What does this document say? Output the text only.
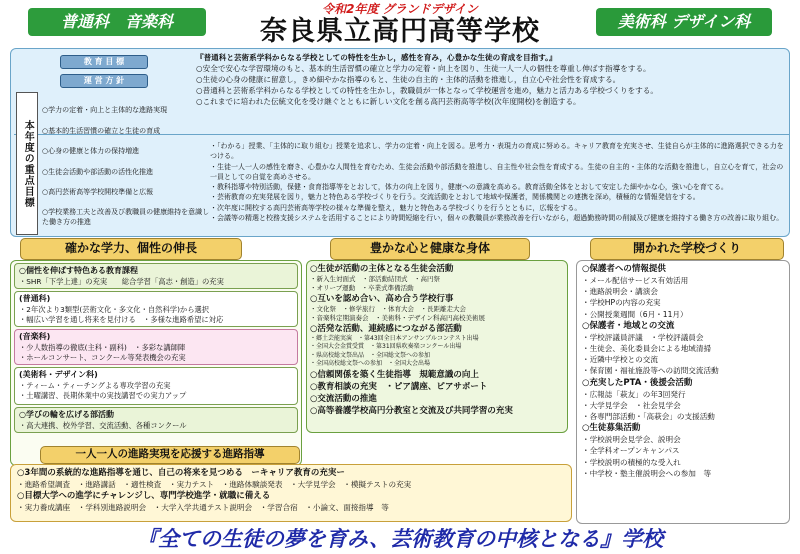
普通科　音楽科	美術科 デザイン科
令和2年度 グランドデザイン
奈良県立高円高等学校
教 育 目 標
運 営 方 針
『普通科と芸術系学科からなる学校としての特性を生かし，感性を育み，心豊かな生徒の育成を目指す。』
○安全で安心な学習環境のもと、基本的生活習慣の確立と学力の定着・向上を図り、生徒一人一人の個性を尊重し伸ばす指導をする。
○生徒の心身の健康に留意し，きめ細やかな指導のもと、生徒の自主的・主体的活動を推進し，自立心や社会性を育成する。
○普通科と芸術系学科からなる学校としての特性を生かし，教職員が一体となって学校運営を進め，魅力と活力ある学校づくりをする。
○これまでに培われた伝統文化を受け継ぐとともに新しい文化を創る高円芸術高等学校(次年度開校)を創造する。
本年度の重点目標
○学力の定着・向上と主体的な進路実現
○基本的生活習慣の確立と生徒の育成
○心身の健康と体力の保持増進
○生徒会活動や部活動の活性化推進
○高円芸術高等学校開校準備と広報
○学校業務工夫と改善及び教職員の健康維持を意識した働き方の推進
・「わかる」授業、「主体的に取り組む」授業を追求し、学力の定着・向上を図る。思考力・表現力の育成に努める。キャリア教育を充実させ、生徒自らが主体的に進路選択できる力をつける。
・生徒一人一人の感性を磨き、心豊かな人間性を育むため、生徒会活動や部活動を推進し、自主性や社会性を育成する。生徒の自主的・主体的な活動を推進し，自立心を育て，社会の一員としての自覚を高めさせる。
・教科指導や特別活動，保健・食育指導等をとおして，体力の向上を図り，健康への意識を高める。教育活動全体をとおして安定した細やかな心，強い心を育てる。
・芸術教育の充実発展を図り，魅力と特色ある学校づくりを行う。交流活動をとおして地域や保護者，関係機関との連携を深め，積極的な情報発信をする。
・次年度に開校する高円芸術高等学校の様々な準備を整え，魅力と特色ある学校づくりを行うとともに，広報をする。
・会議等の精選と校務支援システムを活用することにより時間短縮を行い，個々の教職員が業務改善を行いながら，超過勤務時間の削減及び健康を維持する働き方の改善に取り組む。
確かな学力、個性の伸長
○個性を伸ばす特色ある教育課程
・SHR「下学上達」の充実　　総合学習「高志・創造」の充実
(普通科)
・2年次より3類型(芸術文化・多文化・自然科学)から選択
・幅広い学習を通し将来を見付ける　・多様な進路希望に対応
(音楽科)
・少人数指導の徹底(主科・副科)　・多彩な講師陣
・ホールコンサート、コンクール等発表機会の充実
(美術科・デザイン科)
・ティーム・ティーチングよる専攻学習の充実
・土曜講習、長期休業中の実技講習での実力アップ
○学びの輪を広げる部活動
・高大連携、校外学習、交流活動、各種コンクール
豊かな心と健康な身体
○生徒が活動の主体となる生徒会活動
・新入生対面式　・部活動結団式　・高円祭
・オリーブ運動　・卒業式準備活動
○互いを認め合い、高め合う学校行事
・文化祭　・修学旅行　・体育大会　・長距離走大会
・音楽科定期演奏会　・美術科・デザイン科高円高校美術展
○活発な活動、連続感につながる部活動
・郷土芸能実演　・第43回全日本アンサンブルコンテスト出場
・全国大会金賞受賞　・第31回県吹奏楽コンクール出場
・県高校総文祭出品　・全国総文祭への参加
・全国高校総文祭への参加　・全国大会出場
○信頼関係を築く生徒指導　規範意識の向上
○教育相談の充実　・ピア講座、ピアサポート
○交流活動の推進
○高等養護学校高円分教室と交流及び共同学習の充実
開かれた学校づくり
○保護者への情報提供
・メール配信サービス有効活用
・進路説明会・講演会
・学校HPの内容の充実
・公開授業週間（6月・11月）
○保護者・地域との交流
・学校評議員評議　・学校評議員会
・生徒会、美化委員会による地域清掃
・近隣中学校との交流
・保育園・福祉施設等への訪問交流活動
○充実したPTA・後援会活動
・広報誌「萩友」の年3回発行
・大学見学会　・社会見学会
・各専門部活動・「高萩会」の支援活動
○生徒募集活動
・学校説明会見学会、説明会
・全学科オープンキャンパス
・学校説明の積極的な受入れ
・中学校・塾主催説明会への参加　等
一人一人の進路実現を応援する進路指導
○3年間の系統的な進路指導を通じ、自己の将来を見つめる　ーキャリア教育の充実ー
・進路希望調査　・進路講話　・適性検査　・実力テスト　・進路体験談発表　・大学見学会　・模擬テストの充実
○目標大学への進学にチャレンジし、専門学校進学・就職に備える
・実力養成講座　・学科別進路説明会　・大学入学共通テスト説明会　・学習合宿　・小論文、面接指導　等
『全ての生徒の夢を育み、芸術教育の中核となる』学校
